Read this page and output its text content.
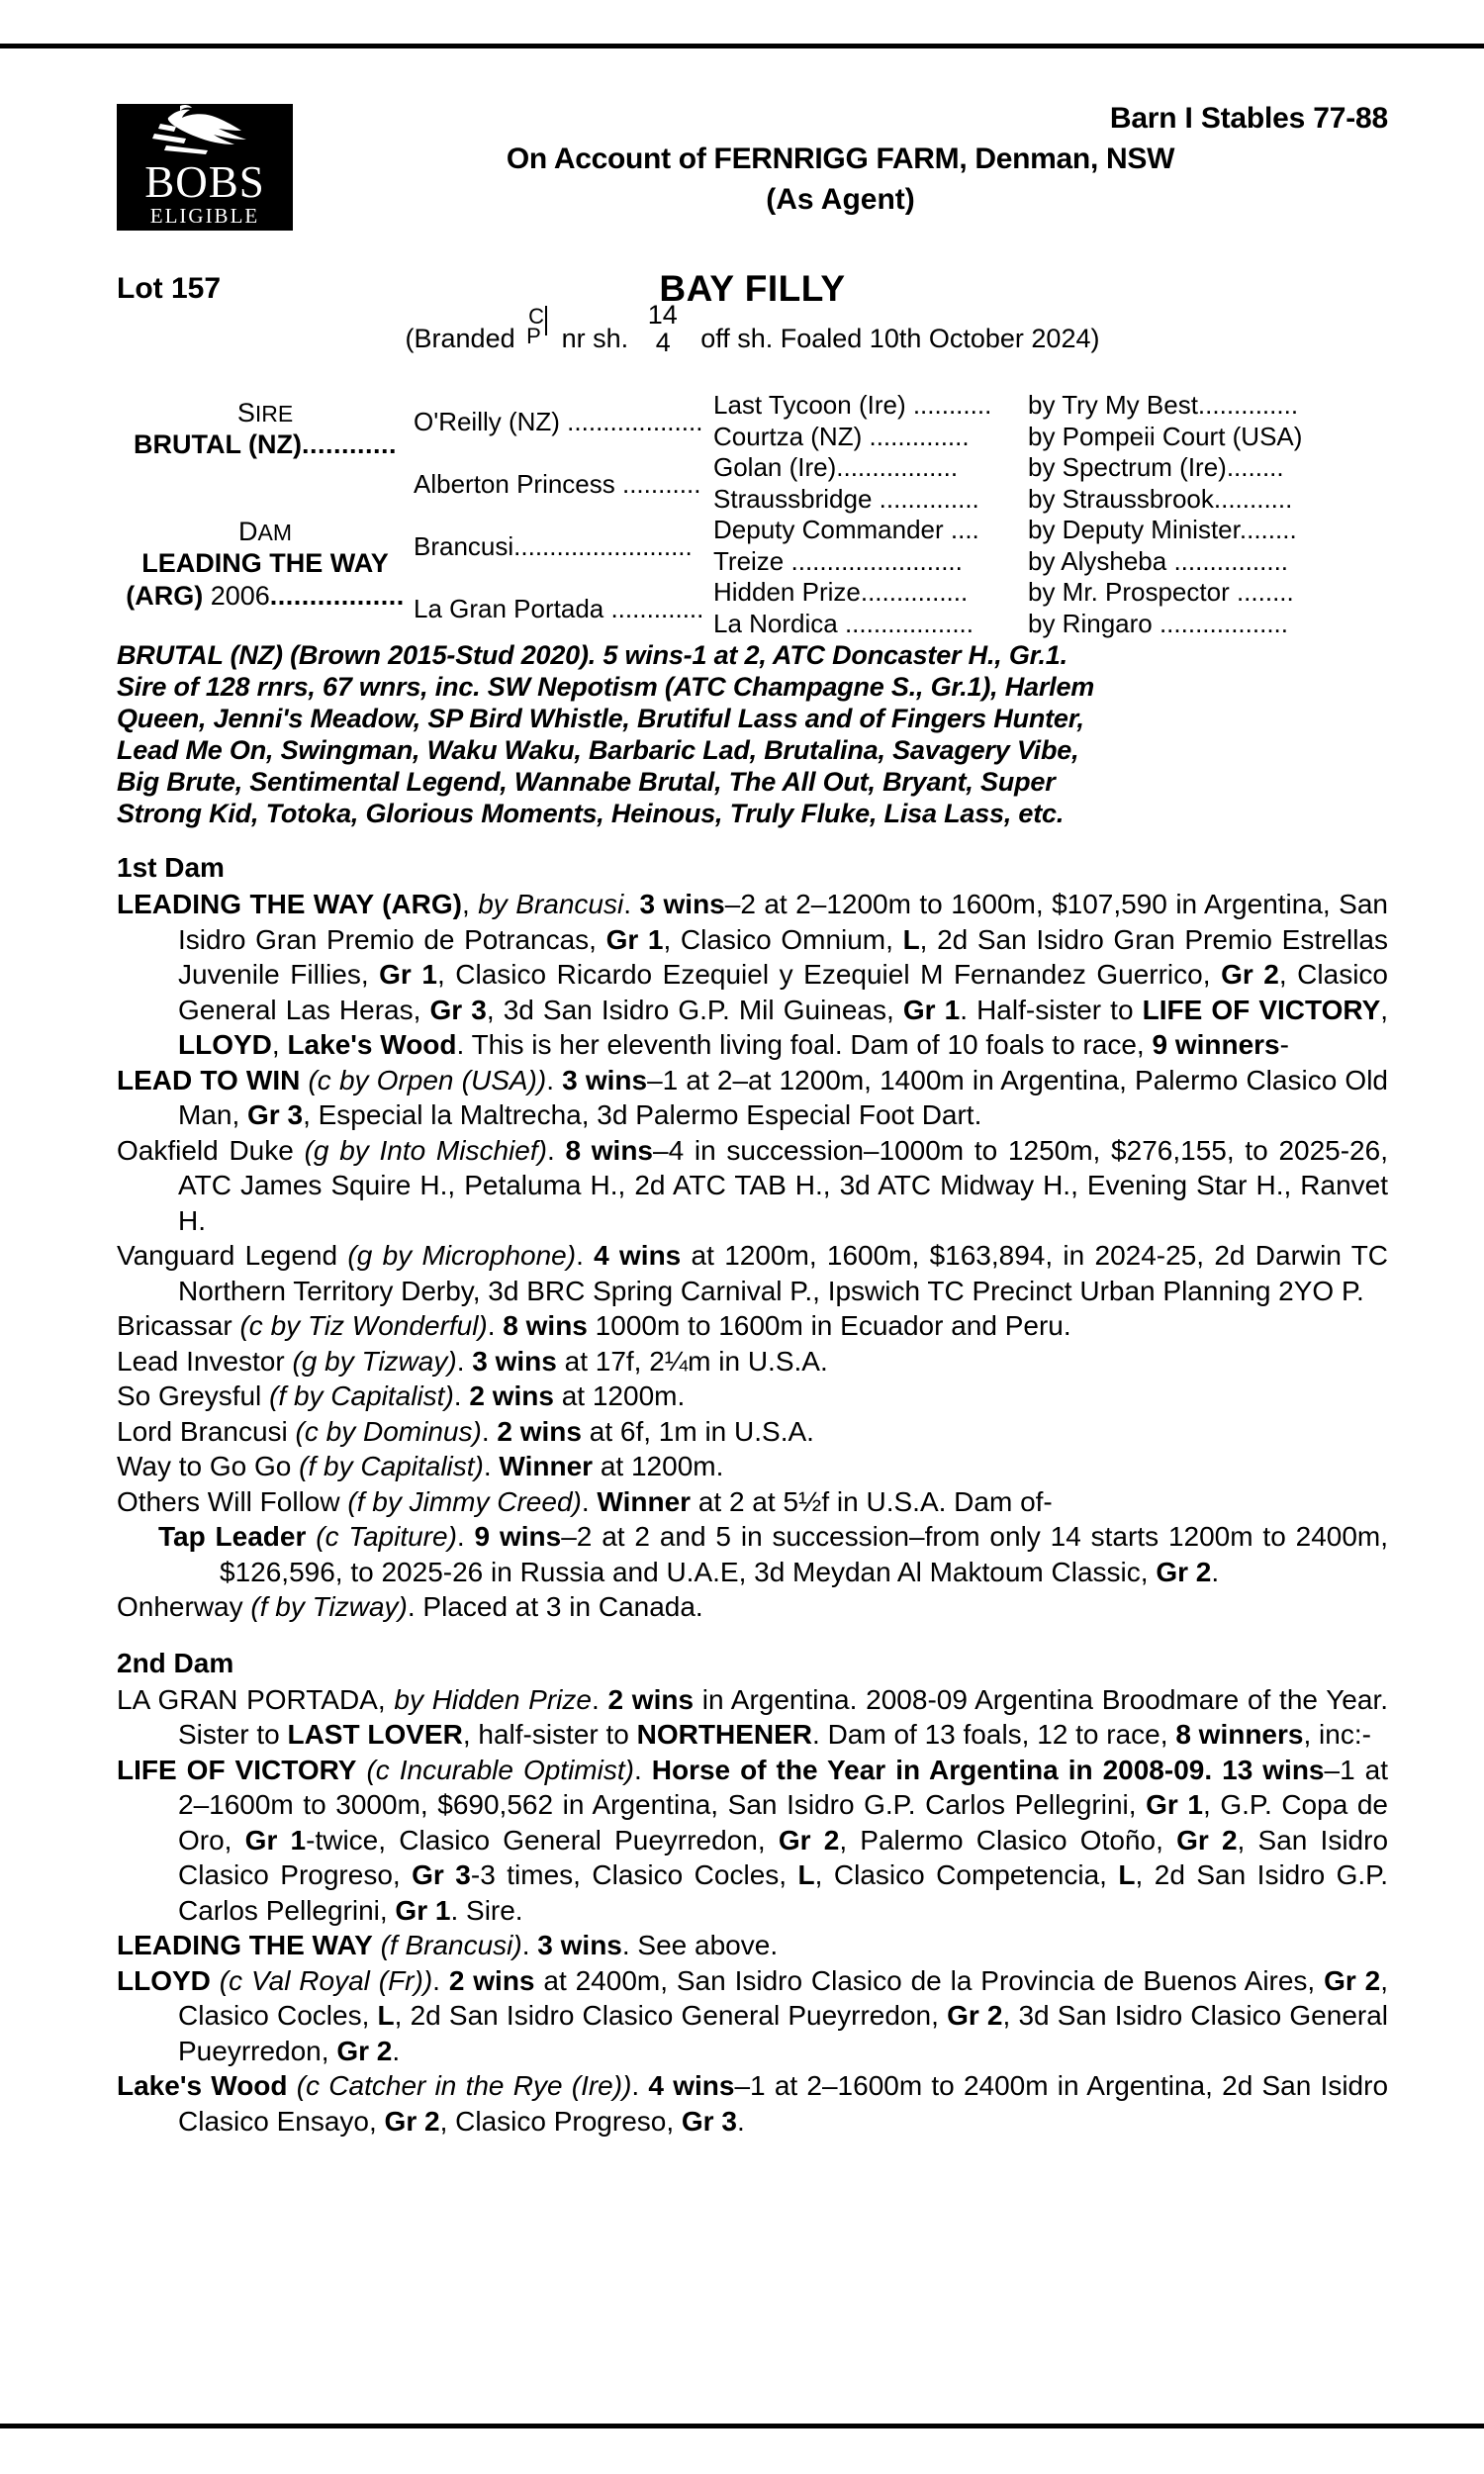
BOBS
ELIGIBLE
Barn I Stables 77-88
On Account of FERNRIGG FARM, Denman, NSW
(As Agent)
Lot 157	BAY FILLY
(Branded
C
P nr sh.
14
4 off sh. Foaled 10th October 2024)
SIRE
BRUTAL (NZ)............
DAM
LEADING THE WAY
(ARG) 2006.................
O'Reilly (NZ) ...................
Alberton Princess ...........
Brancusi.........................
La Gran Portada .............
Last Tycoon (Ire) ...........
Courtza (NZ) ..............
Golan (Ire).................
Straussbridge ..............
Deputy Commander ....
Treize ........................
Hidden Prize...............
La Nordica ..................
by Try My Best..............
by Pompeii Court (USA)
by Spectrum (Ire)........
by Straussbrook...........
by Deputy Minister........
by Alysheba ................
by Mr. Prospector ........
by Ringaro ..................
BRUTAL (NZ) (Brown 2015-Stud 2020). 5 wins-1 at 2, ATC Doncaster H., Gr.1.
Sire of 128 rnrs, 67 wnrs, inc. SW Nepotism (ATC Champagne S., Gr.1), Harlem
Queen, Jenni's Meadow, SP Bird Whistle, Brutiful Lass and of Fingers Hunter,
Lead Me On, Swingman, Waku Waku, Barbaric Lad, Brutalina, Savagery Vibe,
Big Brute, Sentimental Legend, Wannabe Brutal, The All Out, Bryant, Super
Strong Kid, Totoka, Glorious Moments, Heinous, Truly Fluke, Lisa Lass, etc.
1st Dam

LEADING THE WAY (ARG), by Brancusi. 3 wins–2 at 2–1200m to 1600m, $107,590 in Argentina, San Isidro Gran Premio de Potrancas, Gr 1, Clasico Omnium, L, 2d San Isidro Gran Premio Estrellas Juvenile Fillies, Gr 1, Clasico Ricardo Ezequiel y Ezequiel M Fernandez Guerrico, Gr 2, Clasico General Las Heras, Gr 3, 3d San Isidro G.P. Mil Guineas, Gr 1. Half-sister to LIFE OF VICTORY, LLOYD, Lake's Wood. This is her eleventh living foal. Dam of 10 foals to race, 9 winners-

LEAD TO WIN (c by Orpen (USA)). 3 wins–1 at 2–at 1200m, 1400m in Argentina, Palermo Clasico Old Man, Gr 3, Especial la Maltrecha, 3d Palermo Especial Foot Dart.

Oakfield Duke (g by Into Mischief). 8 wins–4 in succession–1000m to 1250m, $276,155, to 2025-26, ATC James Squire H., Petaluma H., 2d ATC TAB H., 3d ATC Midway H., Evening Star H., Ranvet H.

Vanguard Legend (g by Microphone). 4 wins at 1200m, 1600m, $163,894, in 2024-25, 2d Darwin TC Northern Territory Derby, 3d BRC Spring Carnival P., Ipswich TC Precinct Urban Planning 2YO P.

Bricassar (c by Tiz Wonderful). 8 wins 1000m to 1600m in Ecuador and Peru.

Lead Investor (g by Tizway). 3 wins at 17f, 2¼m in U.S.A.

So Greysful (f by Capitalist). 2 wins at 1200m.

Lord Brancusi (c by Dominus). 2 wins at 6f, 1m in U.S.A.

Way to Go Go (f by Capitalist). Winner at 1200m.

Others Will Follow (f by Jimmy Creed). Winner at 2 at 5½f in U.S.A. Dam of-

Tap Leader (c Tapiture). 9 wins–2 at 2 and 5 in succession–from only 14 starts 1200m to 2400m, $126,596, to 2025-26 in Russia and U.A.E, 3d Meydan Al Maktoum Classic, Gr 2.

Onherway (f by Tizway). Placed at 3 in Canada.

2nd Dam

LA GRAN PORTADA, by Hidden Prize. 2 wins in Argentina. 2008-09 Argentina Broodmare of the Year. Sister to LAST LOVER, half-sister to NORTHENER. Dam of 13 foals, 12 to race, 8 winners, inc:-

LIFE OF VICTORY (c Incurable Optimist). Horse of the Year in Argentina in 2008-09. 13 wins–1 at 2–1600m to 3000m, $690,562 in Argentina, San Isidro G.P. Carlos Pellegrini, Gr 1, G.P. Copa de Oro, Gr 1-twice, Clasico General Pueyrredon, Gr 2, Palermo Clasico Otoño, Gr 2, San Isidro Clasico Progreso, Gr 3-3 times, Clasico Cocles, L, Clasico Competencia, L, 2d San Isidro G.P. Carlos Pellegrini, Gr 1. Sire.

LEADING THE WAY (f Brancusi). 3 wins. See above.

LLOYD (c Val Royal (Fr)). 2 wins at 2400m, San Isidro Clasico de la Provincia de Buenos Aires, Gr 2, Clasico Cocles, L, 2d San Isidro Clasico General Pueyrredon, Gr 2, 3d San Isidro Clasico General Pueyrredon, Gr 2.

Lake's Wood (c Catcher in the Rye (Ire)). 4 wins–1 at 2–1600m to 2400m in Argentina, 2d San Isidro Clasico Ensayo, Gr 2, Clasico Progreso, Gr 3.
